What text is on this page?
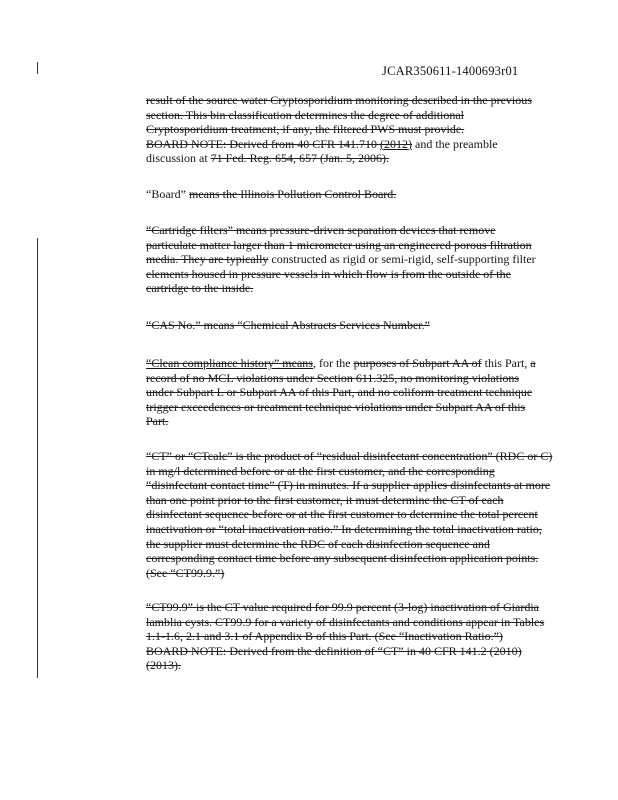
JCAR350611-1400693r01
result of the source water Cryptosporidium monitoring described in the previous
section. This bin classification determines the degree of additional
Cryptosporidium treatment, if any, the filtered PWS must provide.
BOARD NOTE: Derived from 40 CFR 141.710 (2012) and the preamble
discussion at 71 Fed. Reg. 654, 657 (Jan. 5, 2006).
“Board” means the Illinois Pollution Control Board.
“Cartridge filters” means pressure-driven separation devices that remove
particulate matter larger than 1 micrometer using an engineered porous filtration
media. They are typically constructed as rigid or semi-rigid, self-supporting filter
elements housed in pressure vessels in which flow is from the outside of the
cartridge to the inside.
“CAS No.” means “Chemical Abstracts Services Number.”
“Clean compliance history” means, for the purposes of Subpart AA of this Part, a
record of no MCL violations under Section 611.325, no monitoring violations
under Subpart L or Subpart AA of this Part, and no coliform treatment technique
trigger exceedences or treatment technique violations under Subpart AA of this
Part.
“CT” or “CTcalc” is the product of “residual disinfectant concentration” (RDC or C)
in mg/l determined before or at the first customer, and the corresponding
“disinfectant contact time” (T) in minutes. If a supplier applies disinfectants at more
than one point prior to the first customer, it must determine the CT of each
disinfectant sequence before or at the first customer to determine the total percent
inactivation or “total inactivation ratio.” In determining the total inactivation ratio,
the supplier must determine the RDC of each disinfection sequence and
corresponding contact time before any subsequent disinfection application points.
(See “CT99.9.”)
“CT99.9” is the CT value required for 99.9 percent (3-log) inactivation of Giardia
lamblia cysts. CT99.9 for a variety of disinfectants and conditions appear in Tables
1.1-1.6, 2.1 and 3.1 of Appendix B of this Part. (See “Inactivation Ratio.”)
BOARD NOTE: Derived from the definition of “CT” in 40 CFR 141.2 (2010)
(2013).
